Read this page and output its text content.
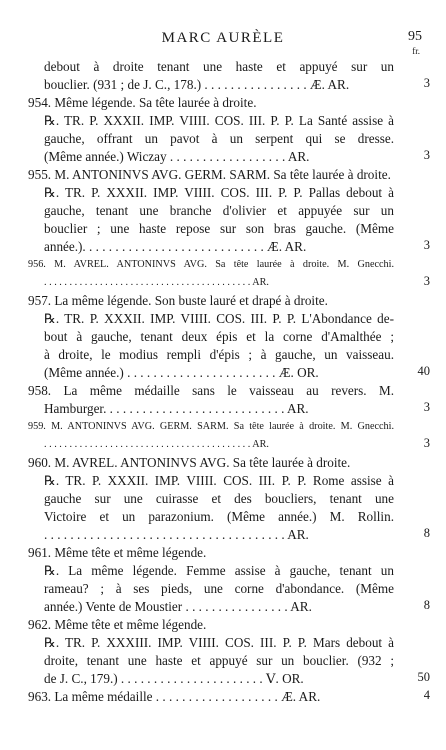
MARC AURÈLE	95
fr.
debout à droite tenant une haste et appuyé sur un
bouclier. (931 ; de J. C., 178.) . . . . . . . . . . . . . . . . Æ. AR.	3
954. Même légende. Sa tête laurée à droite.
℞. TR. P. XXXII. IMP. VIIII. COS. III. P. P. La Santé assise à
gauche, offrant un pavot à un serpent qui se dresse.
(Même année.) Wiczay . . . . . . . . . . . . . . . . . . AR.	3
955. M. ANTONINVS AVG. GERM. SARM. Sa tête laurée à droite.
℞. TR. P. XXXII. IMP. VIIII. COS. III. P. P. Pallas debout à
gauche, tenant une branche d'olivier et appuyée sur un
bouclier ; une haste repose sur son bras gauche. (Même
année.). . . . . . . . . . . . . . . . . . . . . . . . . . . . Æ. AR.	3
956. M. AVREL. ANTONINVS AVG. Sa tête laurée à droite. M. Gnecchi.
. . . . . . . . . . . . . . . . . . . . . . . . . . . . . . . . . . . . . . . . . AR.	3
957. La même légende. Son buste lauré et drapé à droite.
℞. TR. P. XXXII. IMP. VIIII. COS. III. P. P. L'Abondance de-
bout à gauche, tenant deux épis et la corne d'Amalthée ;
à droite, le modius rempli d'épis ; à gauche, un vaisseau.
(Même année.) . . . . . . . . . . . . . . . . . . . . . . . Æ. OR.	40
958. La même médaille sans le vaisseau au revers. M.
Hamburger. . . . . . . . . . . . . . . . . . . . . . . . . . . . AR.	3
959. M. ANTONINVS AVG. GERM. SARM. Sa tête laurée à droite. M. Gnecchi.
. . . . . . . . . . . . . . . . . . . . . . . . . . . . . . . . . . . . . . . . . AR.	3
960. M. AVREL. ANTONINVS AVG. Sa tête laurée à droite.
℞. TR. P. XXXII. IMP. VIIII. COS. III. P. P. Rome assise à
gauche sur une cuirasse et des boucliers, tenant une
Victoire et un parazonium. (Même année.) M. Rollin.
. . . . . . . . . . . . . . . . . . . . . . . . . . . . . . . . . . . . . AR.	8
961. Même tête et même légende.
℞. La même légende. Femme assise à gauche, tenant un
rameau? ; à ses pieds, une corne d'abondance. (Même
année.) Vente de Moustier . . . . . . . . . . . . . . . . AR.	8
962. Même tête et même légende.
℞. TR. P. XXXIII. IMP. VIIII. COS. III. P. P. Mars debout à
droite, tenant une haste et appuyé sur un bouclier. (932 ;
de J. C., 179.) . . . . . . . . . . . . . . . . . . . . . . Ⅴ. OR.	50
963. La même médaille . . . . . . . . . . . . . . . . . . . Æ. AR.	4
